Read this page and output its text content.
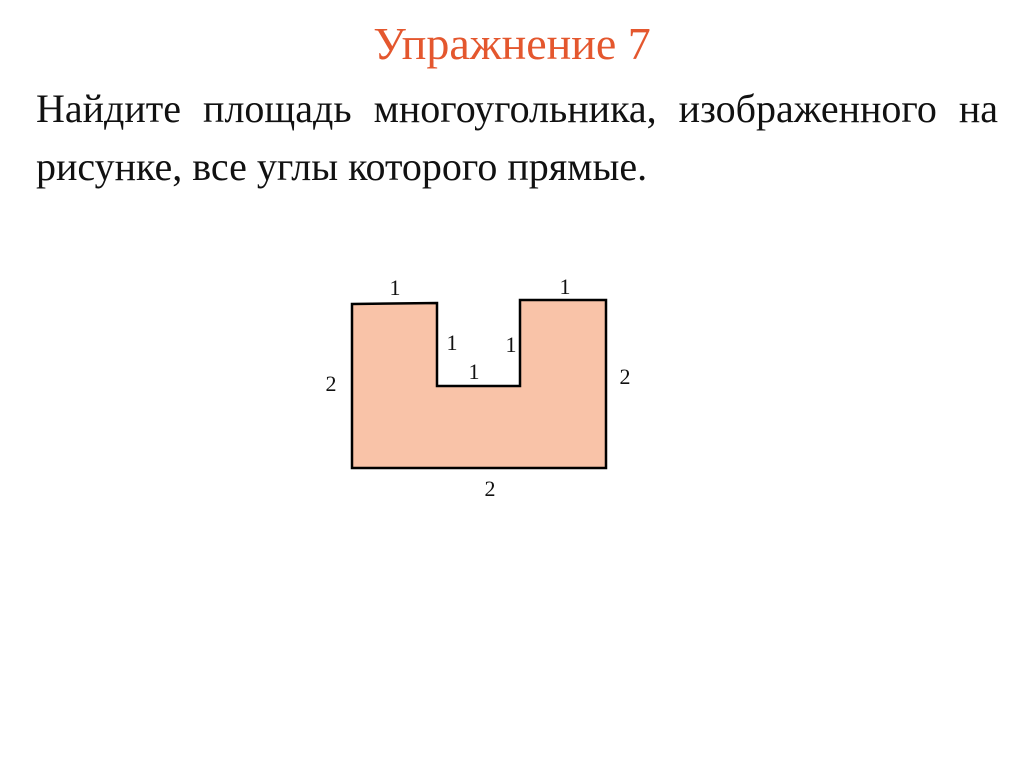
Упражнение 7

Найдите площадь многоугольника, изображенного на рисунке, все углы которого прямые.

1	1
1 1
1
2	2
2
